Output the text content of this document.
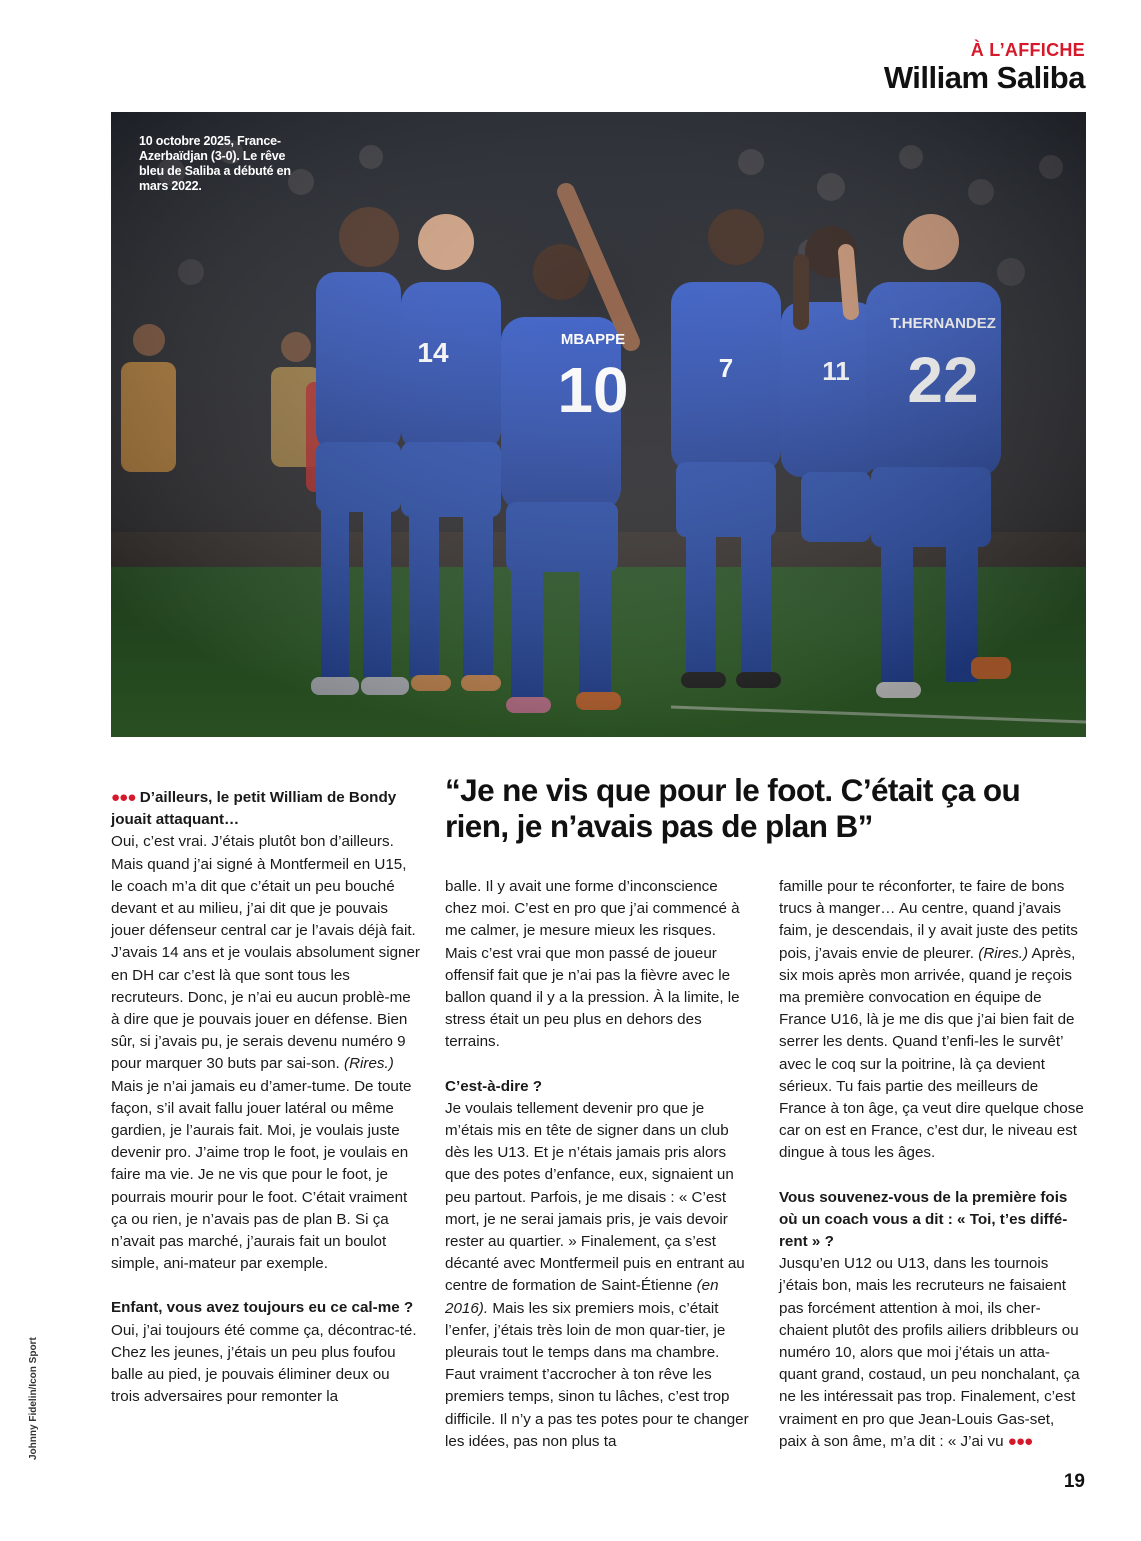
À L’AFFICHE
William Saliba
10 octobre 2025, France-Azerbaïdjan (3-0). Le rêve bleu de Saliba a débuté en mars 2022.
Johnny Fidelin/Icon Sport
“Je ne vis que pour le foot. C’était ça ou rien, je n’avais pas de plan B”

●●● D’ailleurs, le petit William de Bondy jouait attaquant…

Oui, c’est vrai. J’étais plutôt bon d’ailleurs. Mais quand j’ai signé à Montfermeil en U15, le coach m’a dit que c’était un peu bouché devant et au milieu, j’ai dit que je pouvais jouer défenseur central car je l’avais déjà fait. J’avais 14 ans et je voulais absolument signer en DH car c’est là que sont tous les recruteurs. Donc, je n’ai eu aucun problè-me à dire que je pouvais jouer en défense. Bien sûr, si j’avais pu, je serais devenu numéro 9 pour marquer 30 buts par sai-son. (Rires.) Mais je n’ai jamais eu d’amer-tume. De toute façon, s’il avait fallu jouer latéral ou même gardien, je l’aurais fait. Moi, je voulais juste devenir pro. J’aime trop le foot, je voulais en faire ma vie. Je ne vis que pour le foot, je pourrais mourir pour le foot. C’était vraiment ça ou rien, je n’avais pas de plan B. Si ça n’avait pas marché, j’aurais fait un boulot simple, ani-mateur par exemple.

Enfant, vous avez toujours eu ce cal-me ?

Oui, j’ai toujours été comme ça, décontrac-té. Chez les jeunes, j’étais un peu plus foufou balle au pied, je pouvais éliminer deux ou trois adversaires pour remonter la

balle. Il y avait une forme d’inconscience chez moi. C’est en pro que j’ai commencé à me calmer, je mesure mieux les risques. Mais c’est vrai que mon passé de joueur offensif fait que je n’ai pas la fièvre avec le ballon quand il y a la pression. À la limite, le stress était un peu plus en dehors des terrains.

C’est-à-dire ?

Je voulais tellement devenir pro que je m’étais mis en tête de signer dans un club dès les U13. Et je n’étais jamais pris alors que des potes d’enfance, eux, signaient un peu partout. Parfois, je me disais : « C’est mort, je ne serai jamais pris, je vais devoir rester au quartier. » Finalement, ça s’est décanté avec Montfermeil puis en entrant au centre de formation de Saint-Étienne (en 2016). Mais les six premiers mois, c’était l’enfer, j’étais très loin de mon quar-tier, je pleurais tout le temps dans ma chambre. Faut vraiment t’accrocher à ton rêve les premiers temps, sinon tu lâches, c’est trop difficile. Il n’y a pas tes potes pour te changer les idées, pas non plus ta

famille pour te réconforter, te faire de bons trucs à manger… Au centre, quand j’avais faim, je descendais, il y avait juste des petits pois, j’avais envie de pleurer. (Rires.) Après, six mois après mon arrivée, quand je reçois ma première convocation en équipe de France U16, là je me dis que j’ai bien fait de serrer les dents. Quand t’enfi-les le survêt’ avec le coq sur la poitrine, là ça devient sérieux. Tu fais partie des meilleurs de France à ton âge, ça veut dire quelque chose car on est en France, c’est dur, le niveau est dingue à tous les âges.

Vous souvenez-vous de la première fois où un coach vous a dit : « Toi, t’es diffé-rent » ?

Jusqu’en U12 ou U13, dans les tournois j’étais bon, mais les recruteurs ne faisaient pas forcément attention à moi, ils cher-chaient plutôt des profils ailiers dribbleurs ou numéro 10, alors que moi j’étais un atta-quant grand, costaud, un peu nonchalant, ça ne les intéressait pas trop. Finalement, c’est vraiment en pro que Jean-Louis Gas-set, paix à son âme, m’a dit : « J’ai vu ●●●

19
